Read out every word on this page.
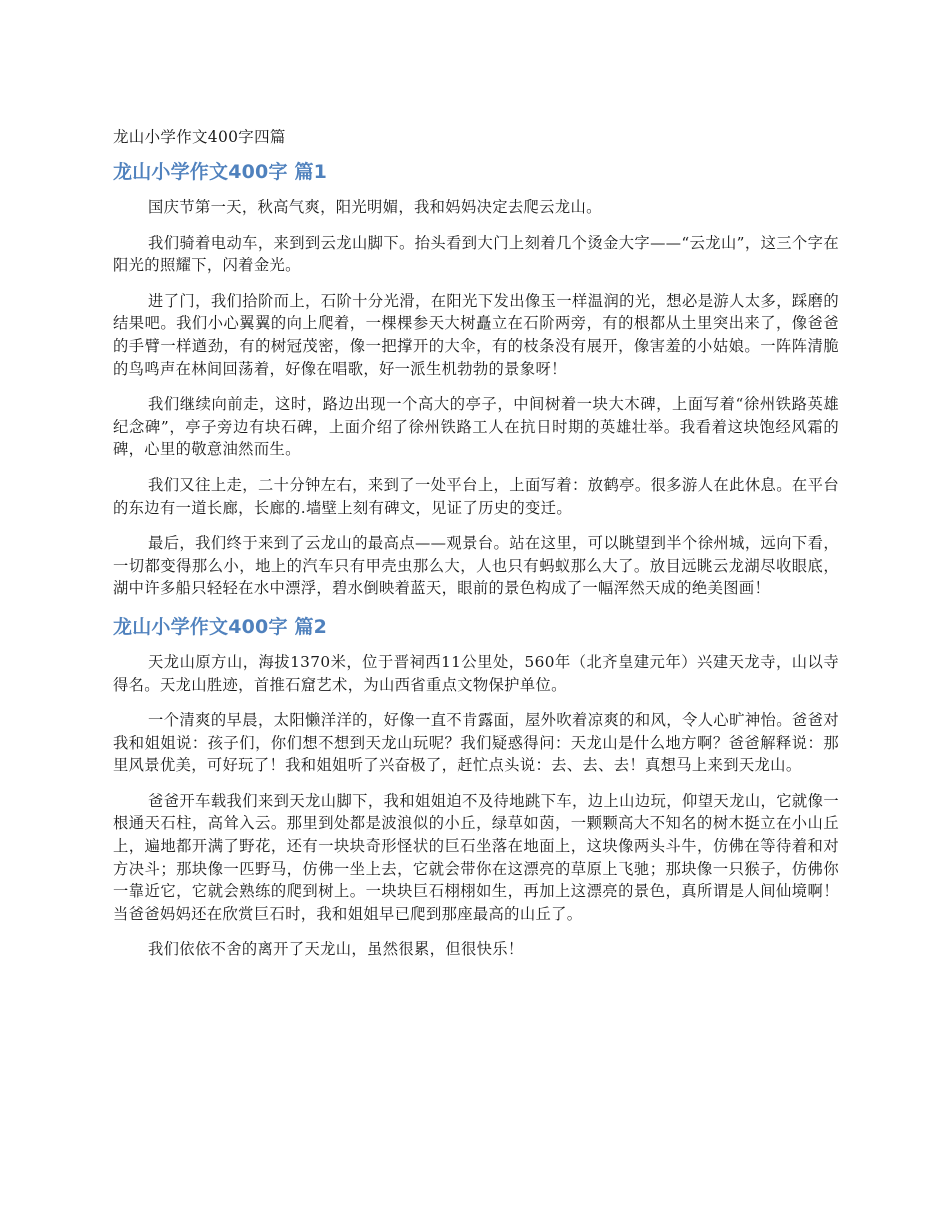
龙山小学作文400字四篇
龙山小学作文400字 篇1

国庆节第一天，秋高气爽，阳光明媚，我和妈妈决定去爬云龙山。

我们骑着电动车，来到到云龙山脚下。抬头看到大门上刻着几个烫金大字——“云龙山”，这三个字在阳光的照耀下，闪着金光。

进了门，我们拾阶而上，石阶十分光滑，在阳光下发出像玉一样温润的光，想必是游人太多，踩磨的结果吧。我们小心翼翼的向上爬着，一棵棵参天大树矗立在石阶两旁，有的根都从土里突出来了，像爸爸的手臂一样遒劲，有的树冠茂密，像一把撑开的大伞，有的枝条没有展开，像害羞的小姑娘。一阵阵清脆的鸟鸣声在林间回荡着，好像在唱歌，好一派生机勃勃的景象呀！

我们继续向前走，这时，路边出现一个高大的亭子，中间树着一块大木碑，上面写着“徐州铁路英雄纪念碑”，亭子旁边有块石碑，上面介绍了徐州铁路工人在抗日时期的英雄壮举。我看着这块饱经风霜的碑，心里的敬意油然而生。

我们又往上走，二十分钟左右，来到了一处平台上，上面写着：放鹤亭。很多游人在此休息。在平台的东边有一道长廊，长廊的.墙壁上刻有碑文，见证了历史的变迁。

最后，我们终于来到了云龙山的最高点——观景台。站在这里，可以眺望到半个徐州城，远向下看，一切都变得那么小，地上的汽车只有甲壳虫那么大，人也只有蚂蚁那么大了。放目远眺云龙湖尽收眼底，湖中许多船只轻轻在水中漂浮，碧水倒映着蓝天，眼前的景色构成了一幅浑然天成的绝美图画！

龙山小学作文400字 篇2

天龙山原方山，海拔1370米，位于晋祠西11公里处，560年（北齐皇建元年）兴建天龙寺，山以寺得名。天龙山胜迹，首推石窟艺术，为山西省重点文物保护单位。

一个清爽的早晨，太阳懒洋洋的，好像一直不肯露面，屋外吹着凉爽的和风，令人心旷神怡。爸爸对我和姐姐说：孩子们，你们想不想到天龙山玩呢？我们疑惑得问：天龙山是什么地方啊？爸爸解释说：那里风景优美，可好玩了！我和姐姐听了兴奋极了，赶忙点头说：去、去、去！真想马上来到天龙山。

爸爸开车载我们来到天龙山脚下，我和姐姐迫不及待地跳下车，边上山边玩，仰望天龙山，它就像一根通天石柱，高耸入云。那里到处都是波浪似的小丘，绿草如茵，一颗颗高大不知名的树木挺立在小山丘上，遍地都开满了野花，还有一块块奇形怪状的巨石坐落在地面上，这块像两头斗牛，仿佛在等待着和对方决斗；那块像一匹野马，仿佛一坐上去，它就会带你在这漂亮的草原上飞驰；那块像一只猴子，仿佛你一靠近它，它就会熟练的爬到树上。一块块巨石栩栩如生，再加上这漂亮的景色，真所谓是人间仙境啊！当爸爸妈妈还在欣赏巨石时，我和姐姐早已爬到那座最高的山丘了。

我们依依不舍的离开了天龙山，虽然很累，但很快乐！
